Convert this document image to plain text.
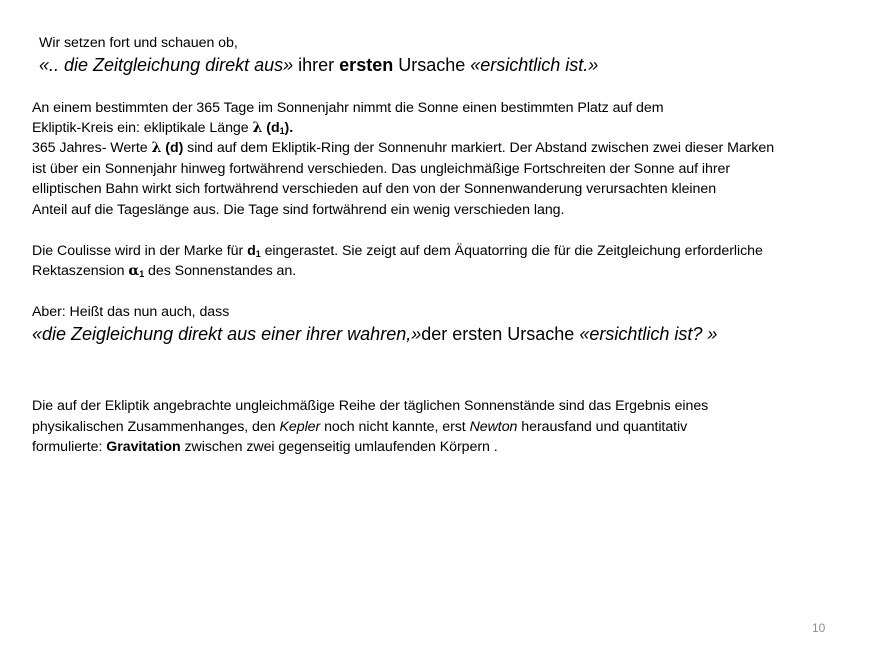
Wir setzen fort und schauen ob,
«.. die Zeitgleichung direkt aus» ihrer ersten Ursache «ersichtlich ist.»
An einem bestimmten der 365 Tage im Sonnenjahr nimmt die Sonne einen bestimmten Platz auf dem
Ekliptik-Kreis ein: ekliptikale Länge λ $(d_1)$.
365 Jahres- Werte λ (d) sind auf dem Ekliptik-Ring der Sonnenuhr markiert. Der Abstand zwischen zwei dieser Marken
ist über ein Sonnenjahr hinweg fortwährend verschieden. Das ungleichmäßige Fortschreiten der Sonne auf ihrer
elliptischen Bahn wirkt sich fortwährend verschieden auf den von der Sonnenwanderung verursachten kleinen
Anteil auf die Tageslänge aus. Die Tage sind fortwährend ein wenig verschieden lang.
Die Coulisse wird in der Marke für $d_1$ eingerastet. Sie zeigt auf dem Äquatorring die für die Zeitgleichung erforderliche
Rektaszension $\alpha_1$ des Sonnenstandes an.
Aber: Heißt das nun auch, dass
«die Zeigleichung direkt aus einer ihrer wahren,»der ersten Ursache «ersichtlich ist? »
Die auf der Ekliptik angebrachte ungleichmäßige Reihe der täglichen Sonnenstände sind das Ergebnis eines
physikalischen Zusammenhanges, den Kepler noch nicht kannte, erst Newton herausfand und quantitativ
formulierte: Gravitation zwischen zwei gegenseitig umlaufenden Körpern .
10
